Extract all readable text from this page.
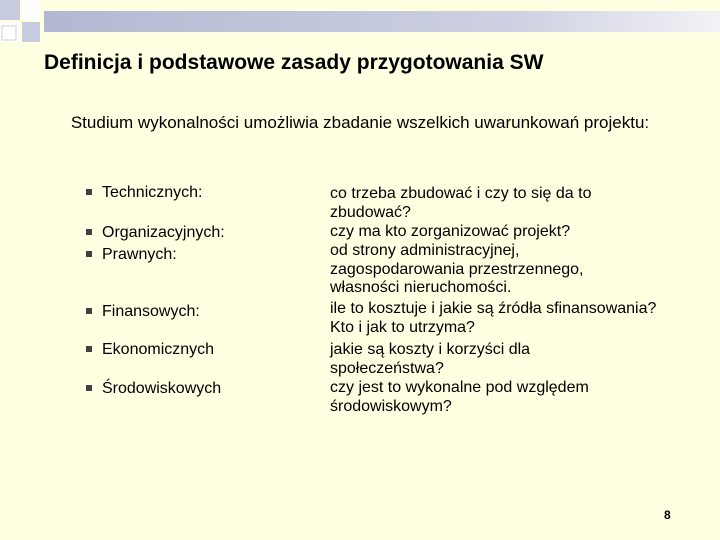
Definicja i podstawowe zasady przygotowania SW
Studium wykonalności umożliwia zbadanie wszelkich uwarunkowań projektu:
Technicznych:
Organizacyjnych:
Prawnych:
Finansowych:
Ekonomicznych
Środowiskowych
co trzeba zbudować i czy to się da to zbudować?
czy ma kto zorganizować projekt?
od strony administracyjnej, zagospodarowania przestrzennego, własności nieruchomości.
ile to kosztuje i jakie są źródła sfinansowania? Kto i jak to utrzyma?
jakie są koszty i korzyści dla społeczeństwa?
czy jest to wykonalne pod względem środowiskowym?
8
